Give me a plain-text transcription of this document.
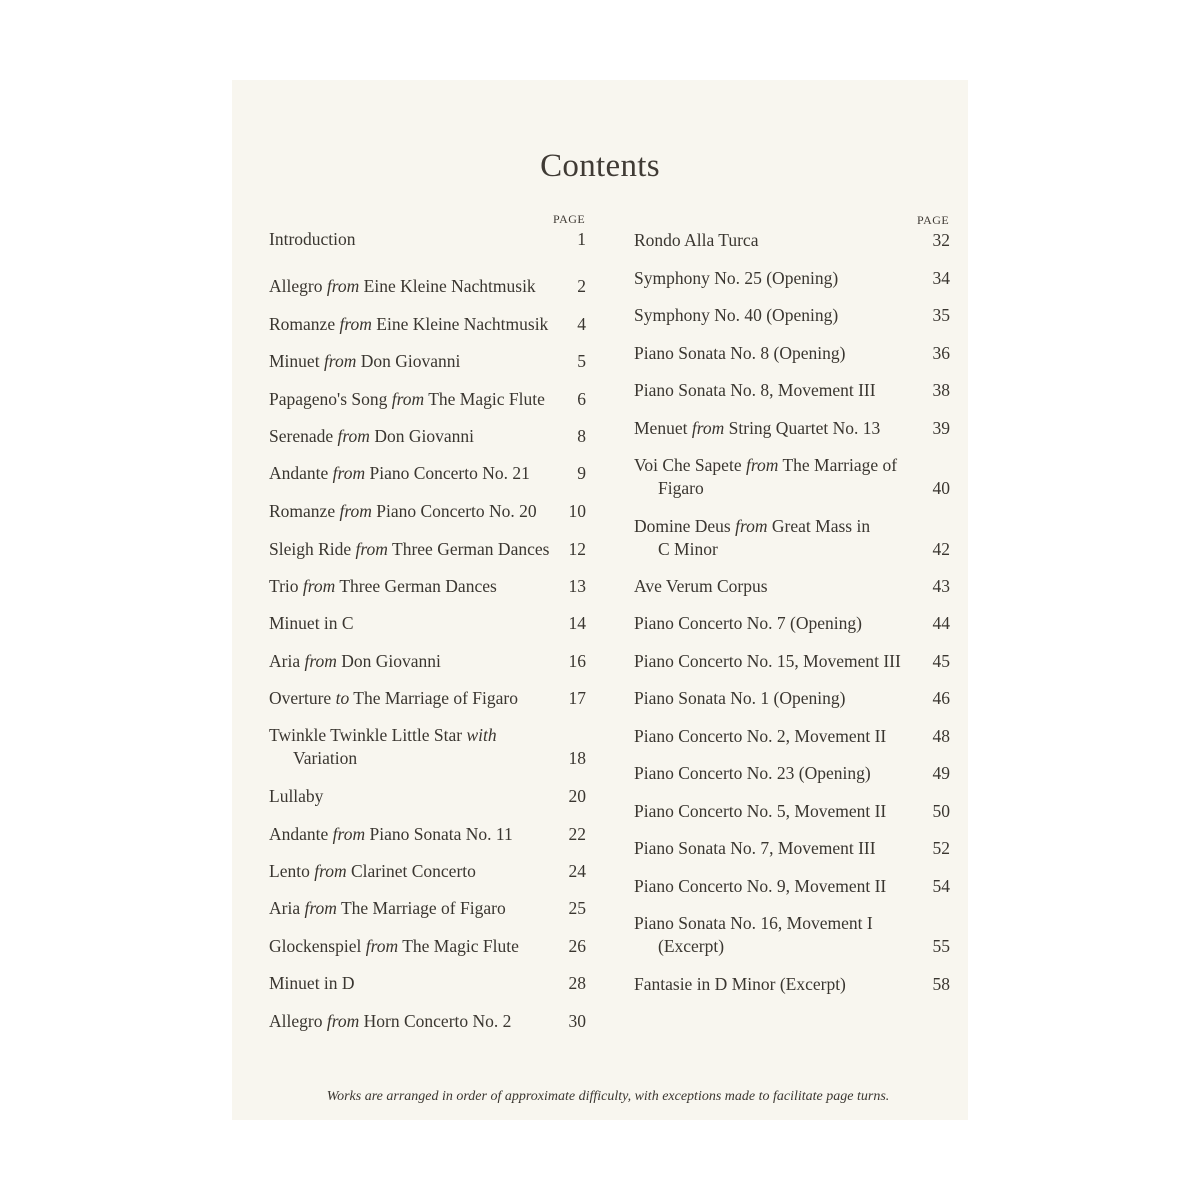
Contents
PAGE	PAGE
Introduction	1
Allegro from Eine Kleine Nachtmusik	2
Romanze from Eine Kleine Nachtmusik	4
Minuet from Don Giovanni	5
Papageno's Song from The Magic Flute	6
Serenade from Don Giovanni	8
Andante from Piano Concerto No. 21	9
Romanze from Piano Concerto No. 20	10
Sleigh Ride from Three German Dances	12
Trio from Three German Dances	13
Minuet in C	14
Aria from Don Giovanni	16
Overture to The Marriage of Figaro	17
Twinkle Twinkle Little Star with
Variation	18
Lullaby	20
Andante from Piano Sonata No. 11	22
Lento from Clarinet Concerto	24
Aria from The Marriage of Figaro	25
Glockenspiel from The Magic Flute	26
Minuet in D	28
Allegro from Horn Concerto No. 2	30
Rondo Alla Turca	32
Symphony No. 25 (Opening)	34
Symphony No. 40 (Opening)	35
Piano Sonata No. 8 (Opening)	36
Piano Sonata No. 8, Movement III	38
Menuet from String Quartet No. 13	39
Voi Che Sapete from The Marriage of
Figaro	40
Domine Deus from Great Mass in
C Minor	42
Ave Verum Corpus	43
Piano Concerto No. 7 (Opening)	44
Piano Concerto No. 15, Movement III	45
Piano Sonata No. 1 (Opening)	46
Piano Concerto No. 2, Movement II	48
Piano Concerto No. 23 (Opening)	49
Piano Concerto No. 5, Movement II	50
Piano Sonata No. 7, Movement III	52
Piano Concerto No. 9, Movement II	54
Piano Sonata No. 16, Movement I
(Excerpt)	55
Fantasie in D Minor (Excerpt)	58
Works are arranged in order of approximate difficulty, with exceptions made to facilitate page turns.
